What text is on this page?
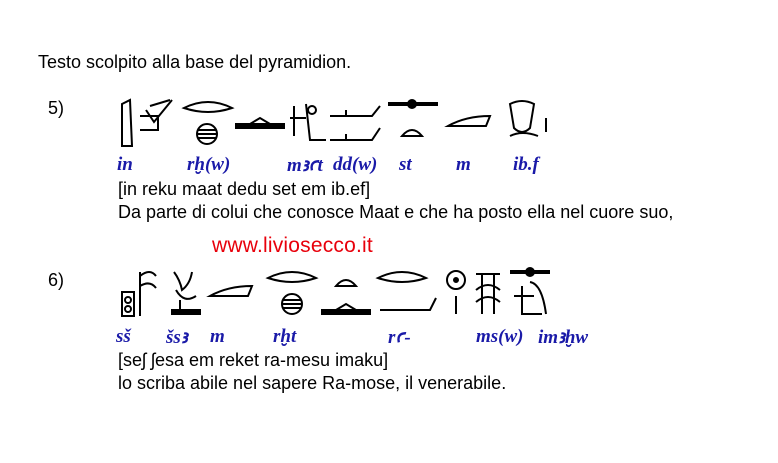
Testo scolpito alla base del pyramidion.
5)
in	rḫ(w)	mꜣꜥt dd(w) st m ib.f
[in reku maat dedu set em ib.ef]
Da parte di colui che conosce Maat e che ha posto ella nel cuore suo,
www.liviosecco.it
6)
sš šsꜣ m	rḫt	rꜥ-	ms(w) imꜣḫw
[seʃ ʃesa em reket ra-mesu imaku]
lo scriba abile nel sapere Ra-mose, il venerabile.
